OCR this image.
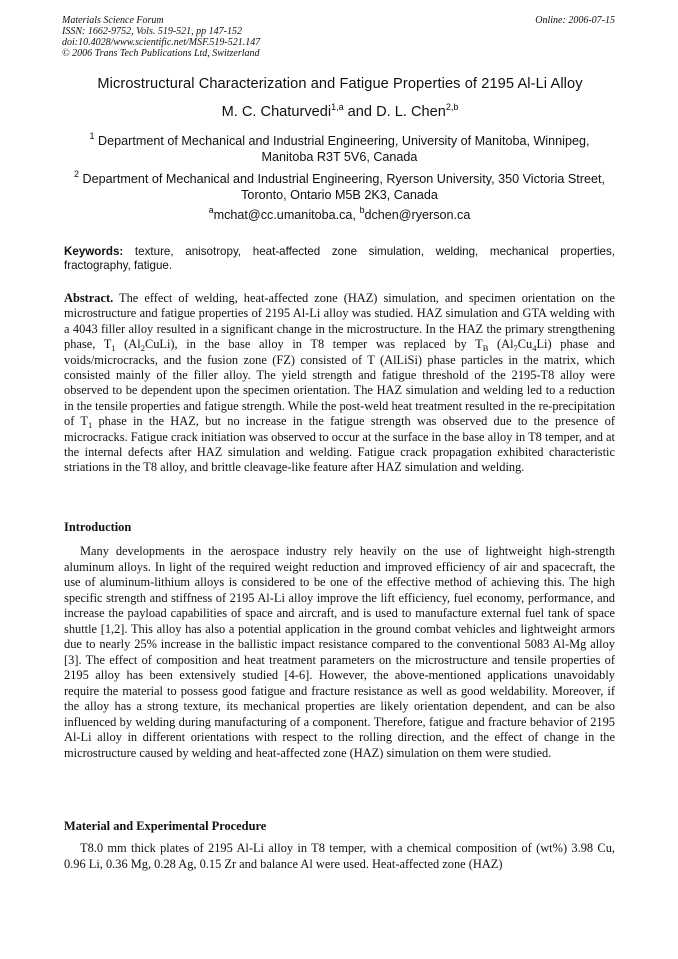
Materials Science Forum
ISSN: 1662-9752, Vols. 519-521, pp 147-152
doi:10.4028/www.scientific.net/MSF.519-521.147
© 2006 Trans Tech Publications Ltd, Switzerland
Online: 2006-07-15
Microstructural Characterization and Fatigue Properties of 2195 Al-Li Alloy
M. C. Chaturvedi$^{1,a}$ and D. L. Chen$^{2,b}$
$^1$ Department of Mechanical and Industrial Engineering, University of Manitoba, Winnipeg, Manitoba R3T 5V6, Canada
$^2$ Department of Mechanical and Industrial Engineering, Ryerson University, 350 Victoria Street, Toronto, Ontario M5B 2K3, Canada
$^a$mchat@cc.umanitoba.ca, $^b$dchen@ryerson.ca
Keywords: texture, anisotropy, heat-affected zone simulation, welding, mechanical properties, fractography, fatigue.
Abstract. The effect of welding, heat-affected zone (HAZ) simulation, and specimen orientation on the microstructure and fatigue properties of 2195 Al-Li alloy was studied. HAZ simulation and GTA welding with a 4043 filler alloy resulted in a significant change in the microstructure. In the HAZ the primary strengthening phase, $T_1$ $(Al_2CuLi)$, in the base alloy in T8 temper was replaced by $T_B$ $(Al_7Cu_4Li)$ phase and voids/microcracks, and the fusion zone (FZ) consisted of T (AlLiSi) phase particles in the matrix, which consisted mainly of the filler alloy. The yield strength and fatigue threshold of the 2195-T8 alloy were observed to be dependent upon the specimen orientation. The HAZ simulation and welding led to a reduction in the tensile properties and fatigue strength. While the post-weld heat treatment resulted in the re-precipitation of $T_1$ phase in the HAZ, but no increase in the fatigue strength was observed due to the presence of microcracks. Fatigue crack initiation was observed to occur at the surface in the base alloy in T8 temper, and at the internal defects after HAZ simulation and welding. Fatigue crack propagation exhibited characteristic striations in the T8 alloy, and brittle cleavage-like feature after HAZ simulation and welding.
Introduction
Many developments in the aerospace industry rely heavily on the use of lightweight high-strength aluminum alloys. In light of the required weight reduction and improved efficiency of air and spacecraft, the use of aluminum-lithium alloys is considered to be one of the effective method of achieving this. The high specific strength and stiffness of 2195 Al-Li alloy improve the lift efficiency, fuel economy, performance, and increase the payload capabilities of space and aircraft, and is used to manufacture external fuel tank of space shuttle [1,2]. This alloy has also a potential application in the ground combat vehicles and lightweight armors due to nearly 25% increase in the ballistic impact resistance compared to the conventional 5083 Al-Mg alloy [3]. The effect of composition and heat treatment parameters on the microstructure and tensile properties of 2195 alloy has been extensively studied [4-6]. However, the above-mentioned applications unavoidably require the material to possess good fatigue and fracture resistance as well as good weldability. Moreover, if the alloy has a strong texture, its mechanical properties are likely orientation dependent, and can be also influenced by welding during manufacturing of a component. Therefore, fatigue and fracture behavior of 2195 Al-Li alloy in different orientations with respect to the rolling direction, and the effect of change in the microstructure caused by welding and heat-affected zone (HAZ) simulation on them were studied.
Material and Experimental Procedure
T8.0 mm thick plates of 2195 Al-Li alloy in T8 temper, with a chemical composition of (wt%) 3.98 Cu, 0.96 Li, 0.36 Mg, 0.28 Ag, 0.15 Zr and balance Al were used. Heat-affected zone (HAZ)
